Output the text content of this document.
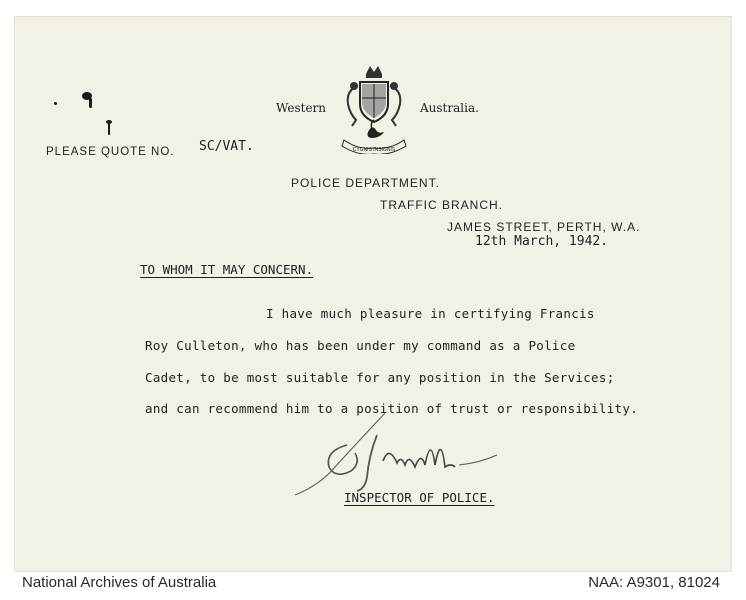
Western	Australia.
CYGNIS INSIGNIS
PLEASE QUOTE NO. SC/VAT.
POLICE DEPARTMENT.
TRAFFIC BRANCH.
JAMES STREET, PERTH, W.A.
12th March, 1942.
TO WHOM IT MAY CONCERN.
I have much pleasure in certifying Francis
Roy Culleton, who has been under my command as a Police
Cadet, to be most suitable for any position in the Services;
and can recommend him to a position of trust or responsibility.
INSPECTOR OF POLICE.
National Archives of Australia	NAA: A9301, 81024
